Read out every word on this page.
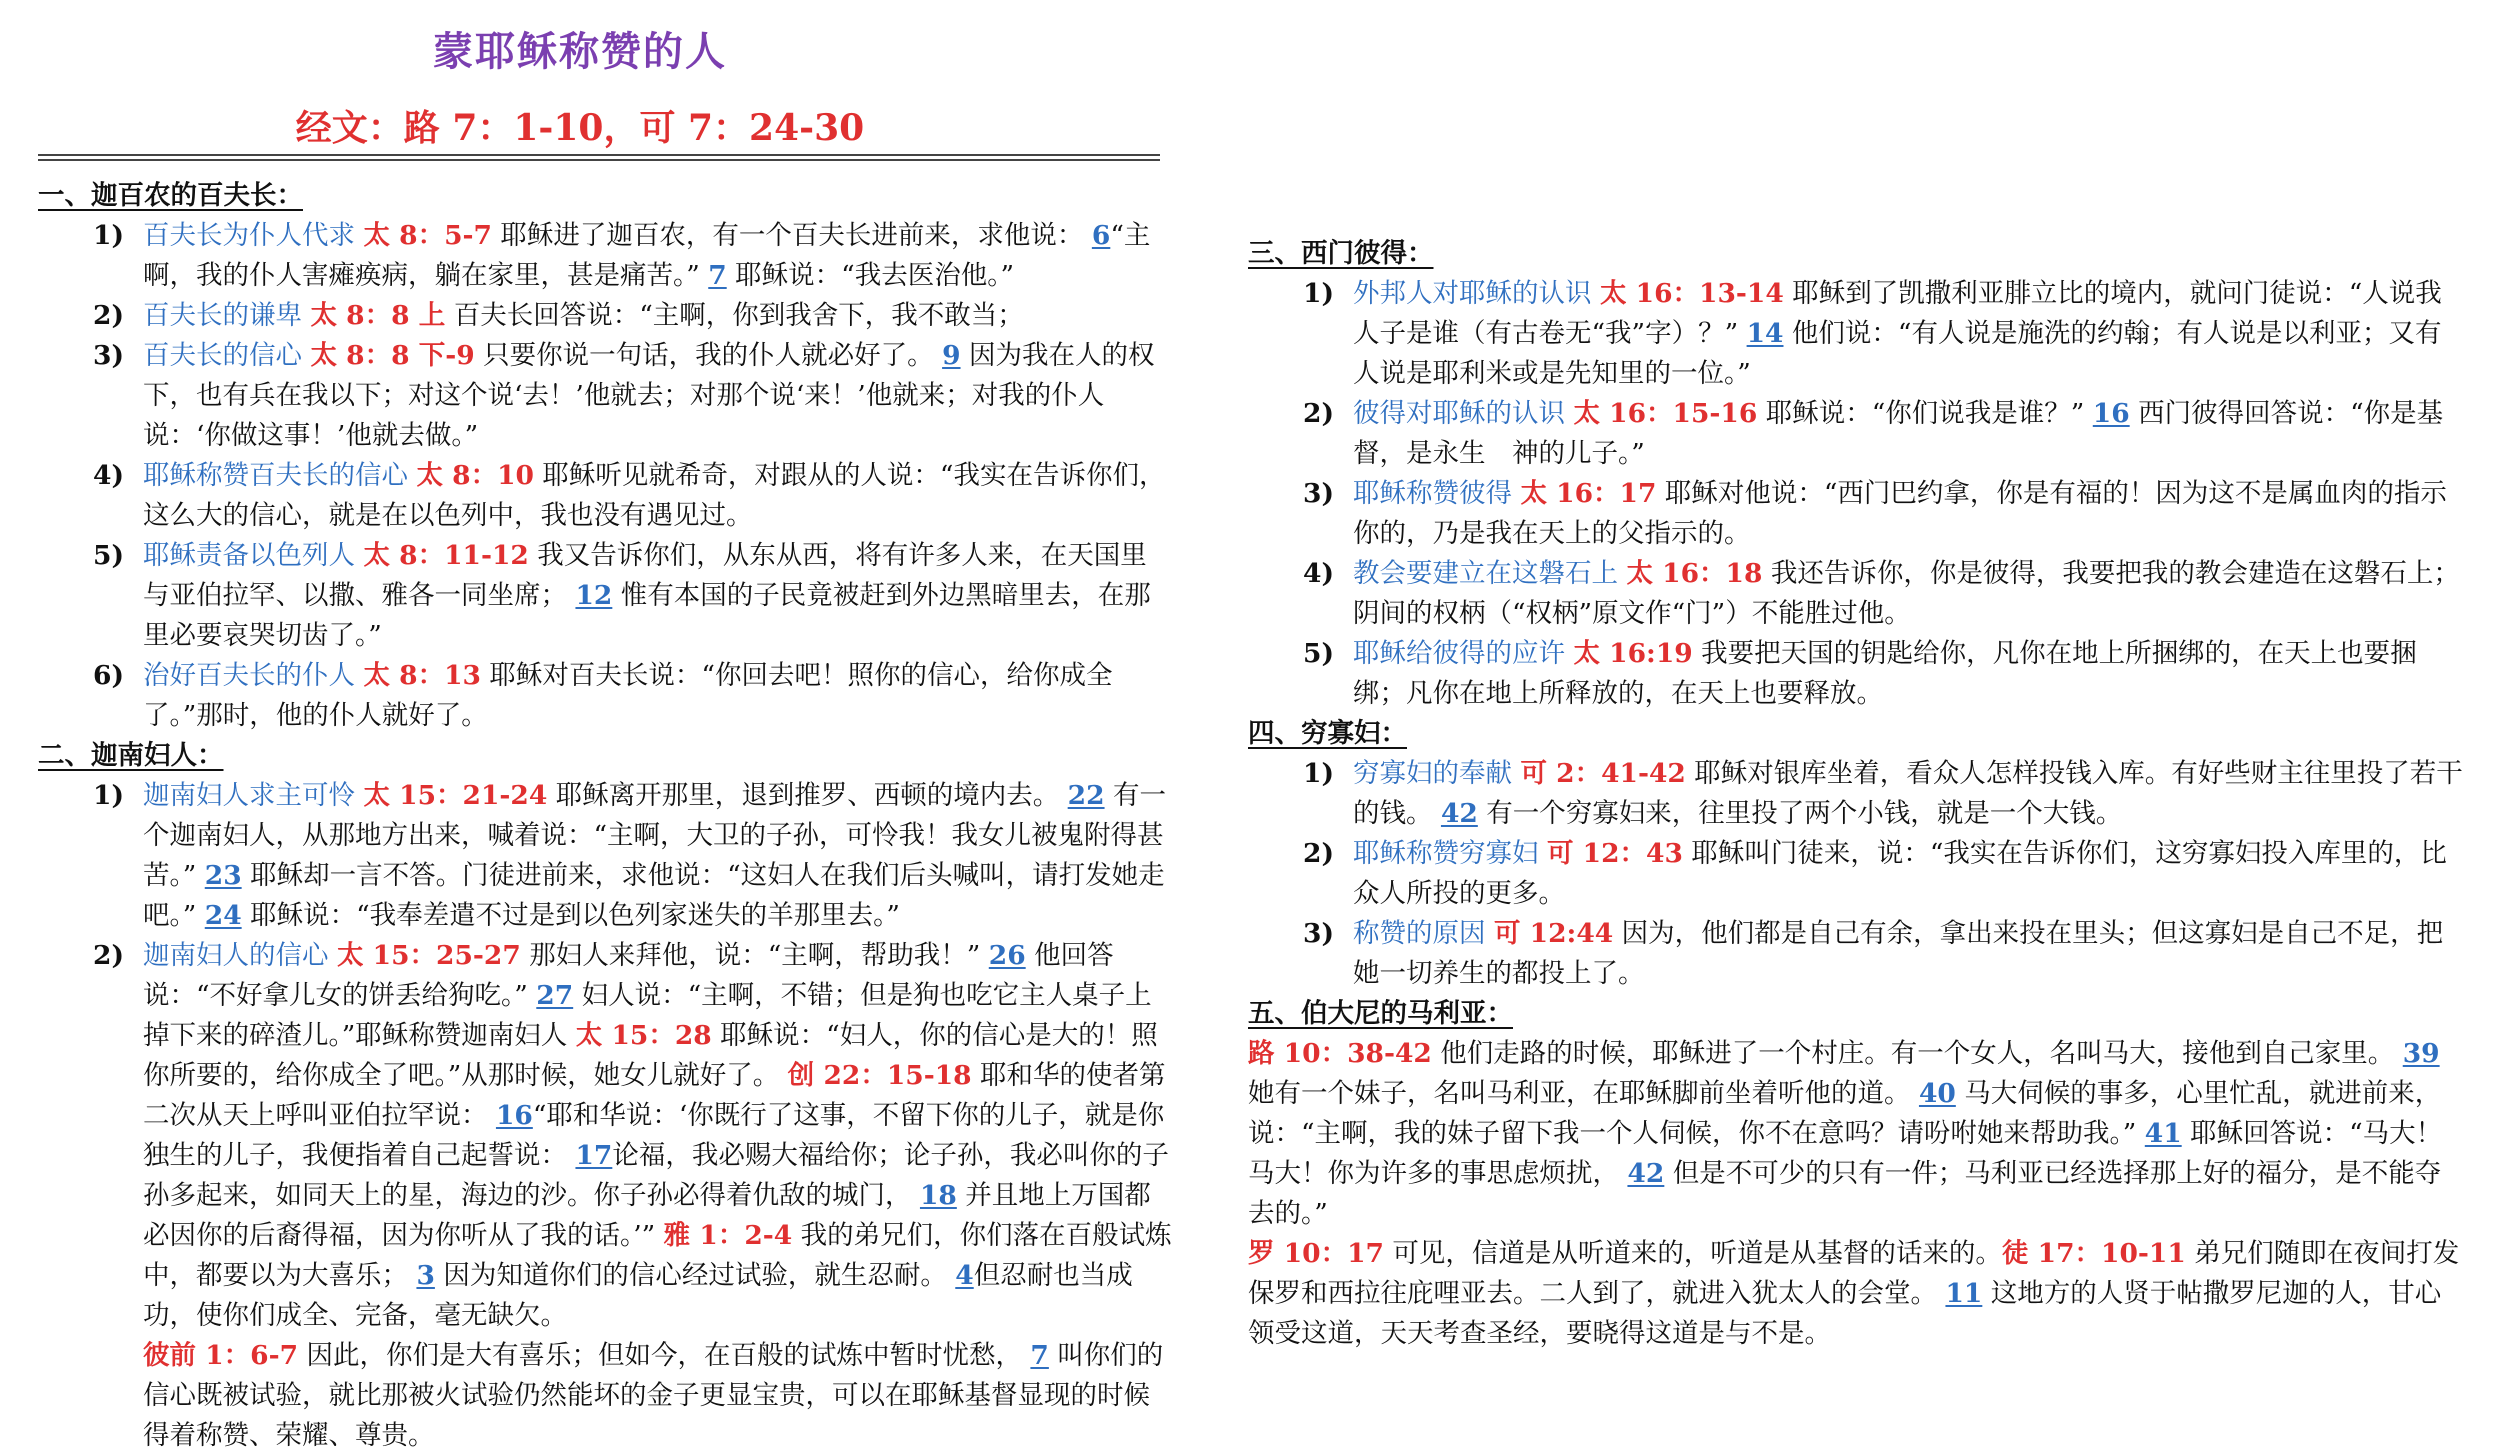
蒙耶稣称赞的人
经文：路 7：1-10，可 7：24-30
一、迦百农的百夫长：
1) 百夫长为仆人代求 太 8：5-7 耶稣进了迦百农，有一个百夫长进前来，求他说： 6“主啊，我的仆人害瘫痪病，躺在家里，甚是痛苦。” 7 耶稣说：“我去医治他。”
2) 百夫长的谦卑 太 8：8 上 百夫长回答说：“主啊，你到我舍下，我不敢当；
3) 百夫长的信心 太 8：8 下-9 只要你说一句话，我的仆人就必好了。 9 因为我在人的权下，也有兵在我以下；对这个说‘去！’他就去；对那个说‘来！’他就来；对我的仆人说：‘你做这事！’他就去做。”
4) 耶稣称赞百夫长的信心 太 8：10 耶稣听见就希奇，对跟从的人说：“我实在告诉你们，这么大的信心，就是在以色列中，我也没有遇见过。
5) 耶稣责备以色列人 太 8：11-12 我又告诉你们，从东从西，将有许多人来，在天国里与亚伯拉罕、以撒、雅各一同坐席； 12 惟有本国的子民竟被赶到外边黑暗里去，在那里必要哀哭切齿了。”
6) 治好百夫长的仆人 太 8：13 耶稣对百夫长说：“你回去吧！照你的信心，给你成全了。”那时，他的仆人就好了。
二、迦南妇人：
1) 迦南妇人求主可怜 太 15：21-24 耶稣离开那里，退到推罗、西顿的境内去。 22 有一个迦南妇人，从那地方出来，喊着说：“主啊，大卫的子孙，可怜我！我女儿被鬼附得甚苦。” 23 耶稣却一言不答。门徒进前来，求他说：“这妇人在我们后头喊叫，请打发她走吧。” 24 耶稣说：“我奉差遣不过是到以色列家迷失的羊那里去。”
2) 迦南妇人的信心 太 15：25-27 那妇人来拜他，说：“主啊，帮助我！” 26 他回答说：“不好拿儿女的饼丢给狗吃。” 27 妇人说：“主啊，不错；但是狗也吃它主人桌子上掉下来的碎渣儿。”耶稣称赞迦南妇人 太 15：28 耶稣说：“妇人，你的信心是大的！照你所要的，给你成全了吧。”从那时候，她女儿就好了。 创 22：15-18 耶和华的使者第二次从天上呼叫亚伯拉罕说： 16“耶和华说：‘你既行了这事，不留下你的儿子，就是你独生的儿子，我便指着自己起誓说： 17论福，我必赐大福给你；论子孙，我必叫你的子孙多起来，如同天上的星，海边的沙。你子孙必得着仇敌的城门， 18 并且地上万国都必因你的后裔得福，因为你听从了我的话。’” 雅 1：2-4 我的弟兄们，你们落在百般试炼中，都要以为大喜乐； 3 因为知道你们的信心经过试验，就生忍耐。 4但忍耐也当成功，使你们成全、完备，毫无缺欠。
彼前 1：6-7 因此，你们是大有喜乐；但如今，在百般的试炼中暂时忧愁， 7 叫你们的信心既被试验，就比那被火试验仍然能坏的金子更显宝贵，可以在耶稣基督显现的时候得着称赞、荣耀、尊贵。
三、西门彼得：
1) 外邦人对耶稣的认识 太 16：13-14 耶稣到了凯撒利亚腓立比的境内，就问门徒说：“人说我人子是谁（有古卷无“我”字）？” 14 他们说：“有人说是施洗的约翰；有人说是以利亚；又有人说是耶利米或是先知里的一位。”
2) 彼得对耶稣的认识 太 16：15-16 耶稣说：“你们说我是谁？” 16 西门彼得回答说：“你是基督，是永生　神的儿子。”
3) 耶稣称赞彼得 太 16：17 耶稣对他说：“西门巴约拿，你是有福的！因为这不是属血肉的指示你的，乃是我在天上的父指示的。
4) 教会要建立在这磐石上 太 16：18 我还告诉你，你是彼得，我要把我的教会建造在这磐石上；阴间的权柄（“权柄”原文作“门”）不能胜过他。
5) 耶稣给彼得的应许 太 16:19 我要把天国的钥匙给你，凡你在地上所捆绑的，在天上也要捆绑；凡你在地上所释放的，在天上也要释放。
四、穷寡妇：
1) 穷寡妇的奉献 可 2：41-42 耶稣对银库坐着，看众人怎样投钱入库。有好些财主往里投了若干的钱。 42 有一个穷寡妇来，往里投了两个小钱，就是一个大钱。
2) 耶稣称赞穷寡妇 可 12：43 耶稣叫门徒来，说：“我实在告诉你们，这穷寡妇投入库里的，比众人所投的更多。
3) 称赞的原因 可 12:44 因为，他们都是自己有余，拿出来投在里头；但这寡妇是自己不足，把她一切养生的都投上了。
五、伯大尼的马利亚：
路 10：38-42 他们走路的时候，耶稣进了一个村庄。有一个女人，名叫马大，接他到自己家里。 39 她有一个妹子，名叫马利亚，在耶稣脚前坐着听他的道。 40 马大伺候的事多，心里忙乱，就进前来，说：“主啊，我的妹子留下我一个人伺候，你不在意吗？请吩咐她来帮助我。” 41 耶稣回答说：“马大！马大！你为许多的事思虑烦扰， 42 但是不可少的只有一件；马利亚已经选择那上好的福分，是不能夺去的。”
罗 10：17 可见，信道是从听道来的，听道是从基督的话来的。徒 17：10-11 弟兄们随即在夜间打发保罗和西拉往庇哩亚去。二人到了，就进入犹太人的会堂。 11 这地方的人贤于帖撒罗尼迦的人，甘心领受这道，天天考查圣经，要晓得这道是与不是。
